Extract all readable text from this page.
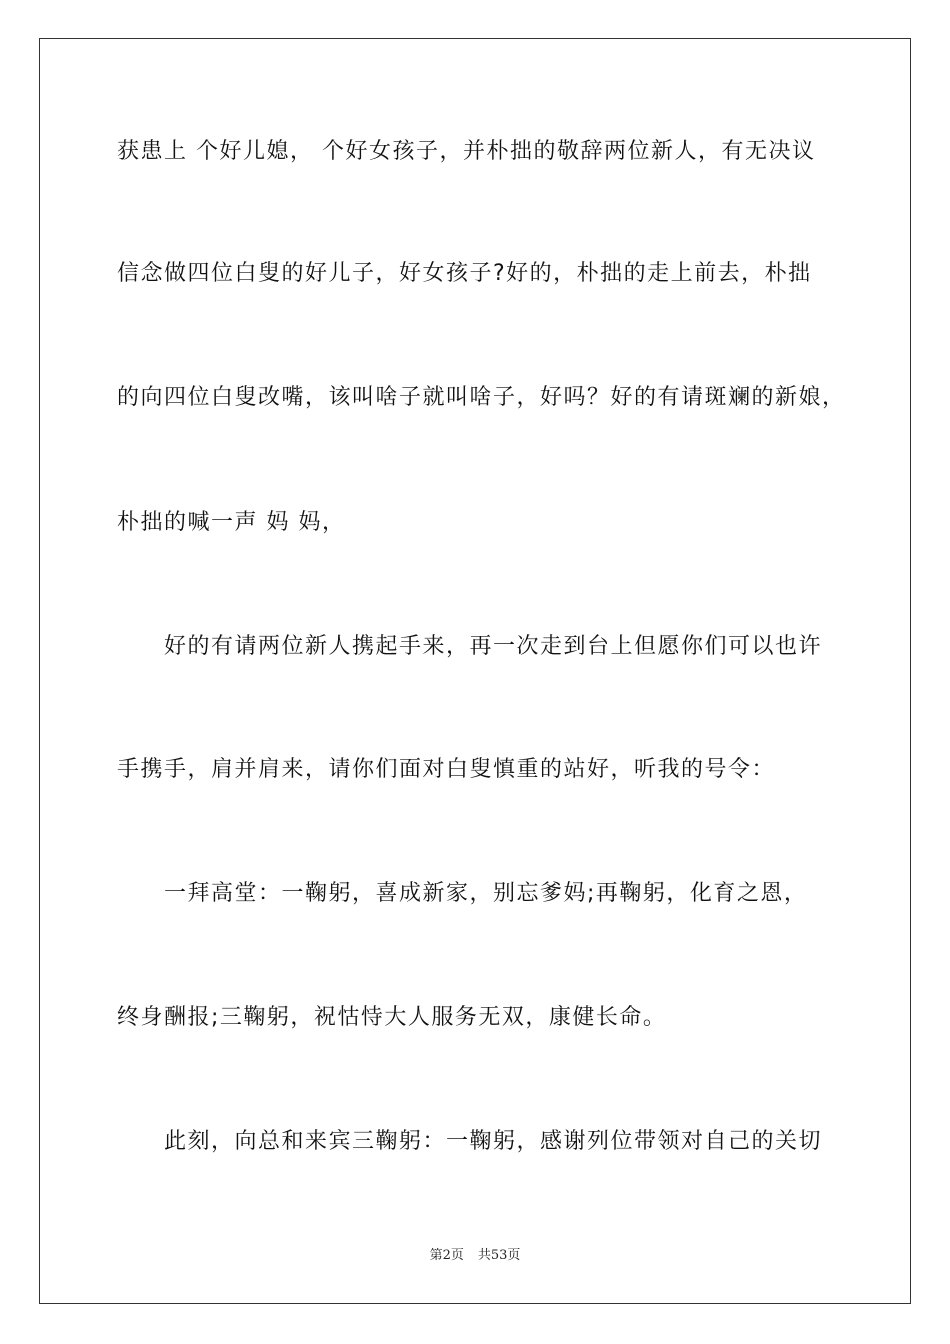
获患上 个好儿媳， 个好女孩子，并朴拙的敬辞两位新人，有无决议
信念做四位白叟的好儿子，好女孩子?好的，朴拙的走上前去，朴拙
的向四位白叟改嘴，该叫啥子就叫啥子，好吗？好的有请斑斓的新娘，
朴拙的喊一声 妈 妈，
好的有请两位新人携起手来，再一次走到台上但愿你们可以也许
手携手，肩并肩来，请你们面对白叟慎重的站好，听我的号令：
一拜高堂：一鞠躬，喜成新家，别忘爹妈;再鞠躬，化育之恩，
终身酬报;三鞠躬，祝怙恃大人服务无双，康健长命。
此刻，向总和来宾三鞠躬：一鞠躬，感谢列位带领对自己的关切
第2页 共53页
